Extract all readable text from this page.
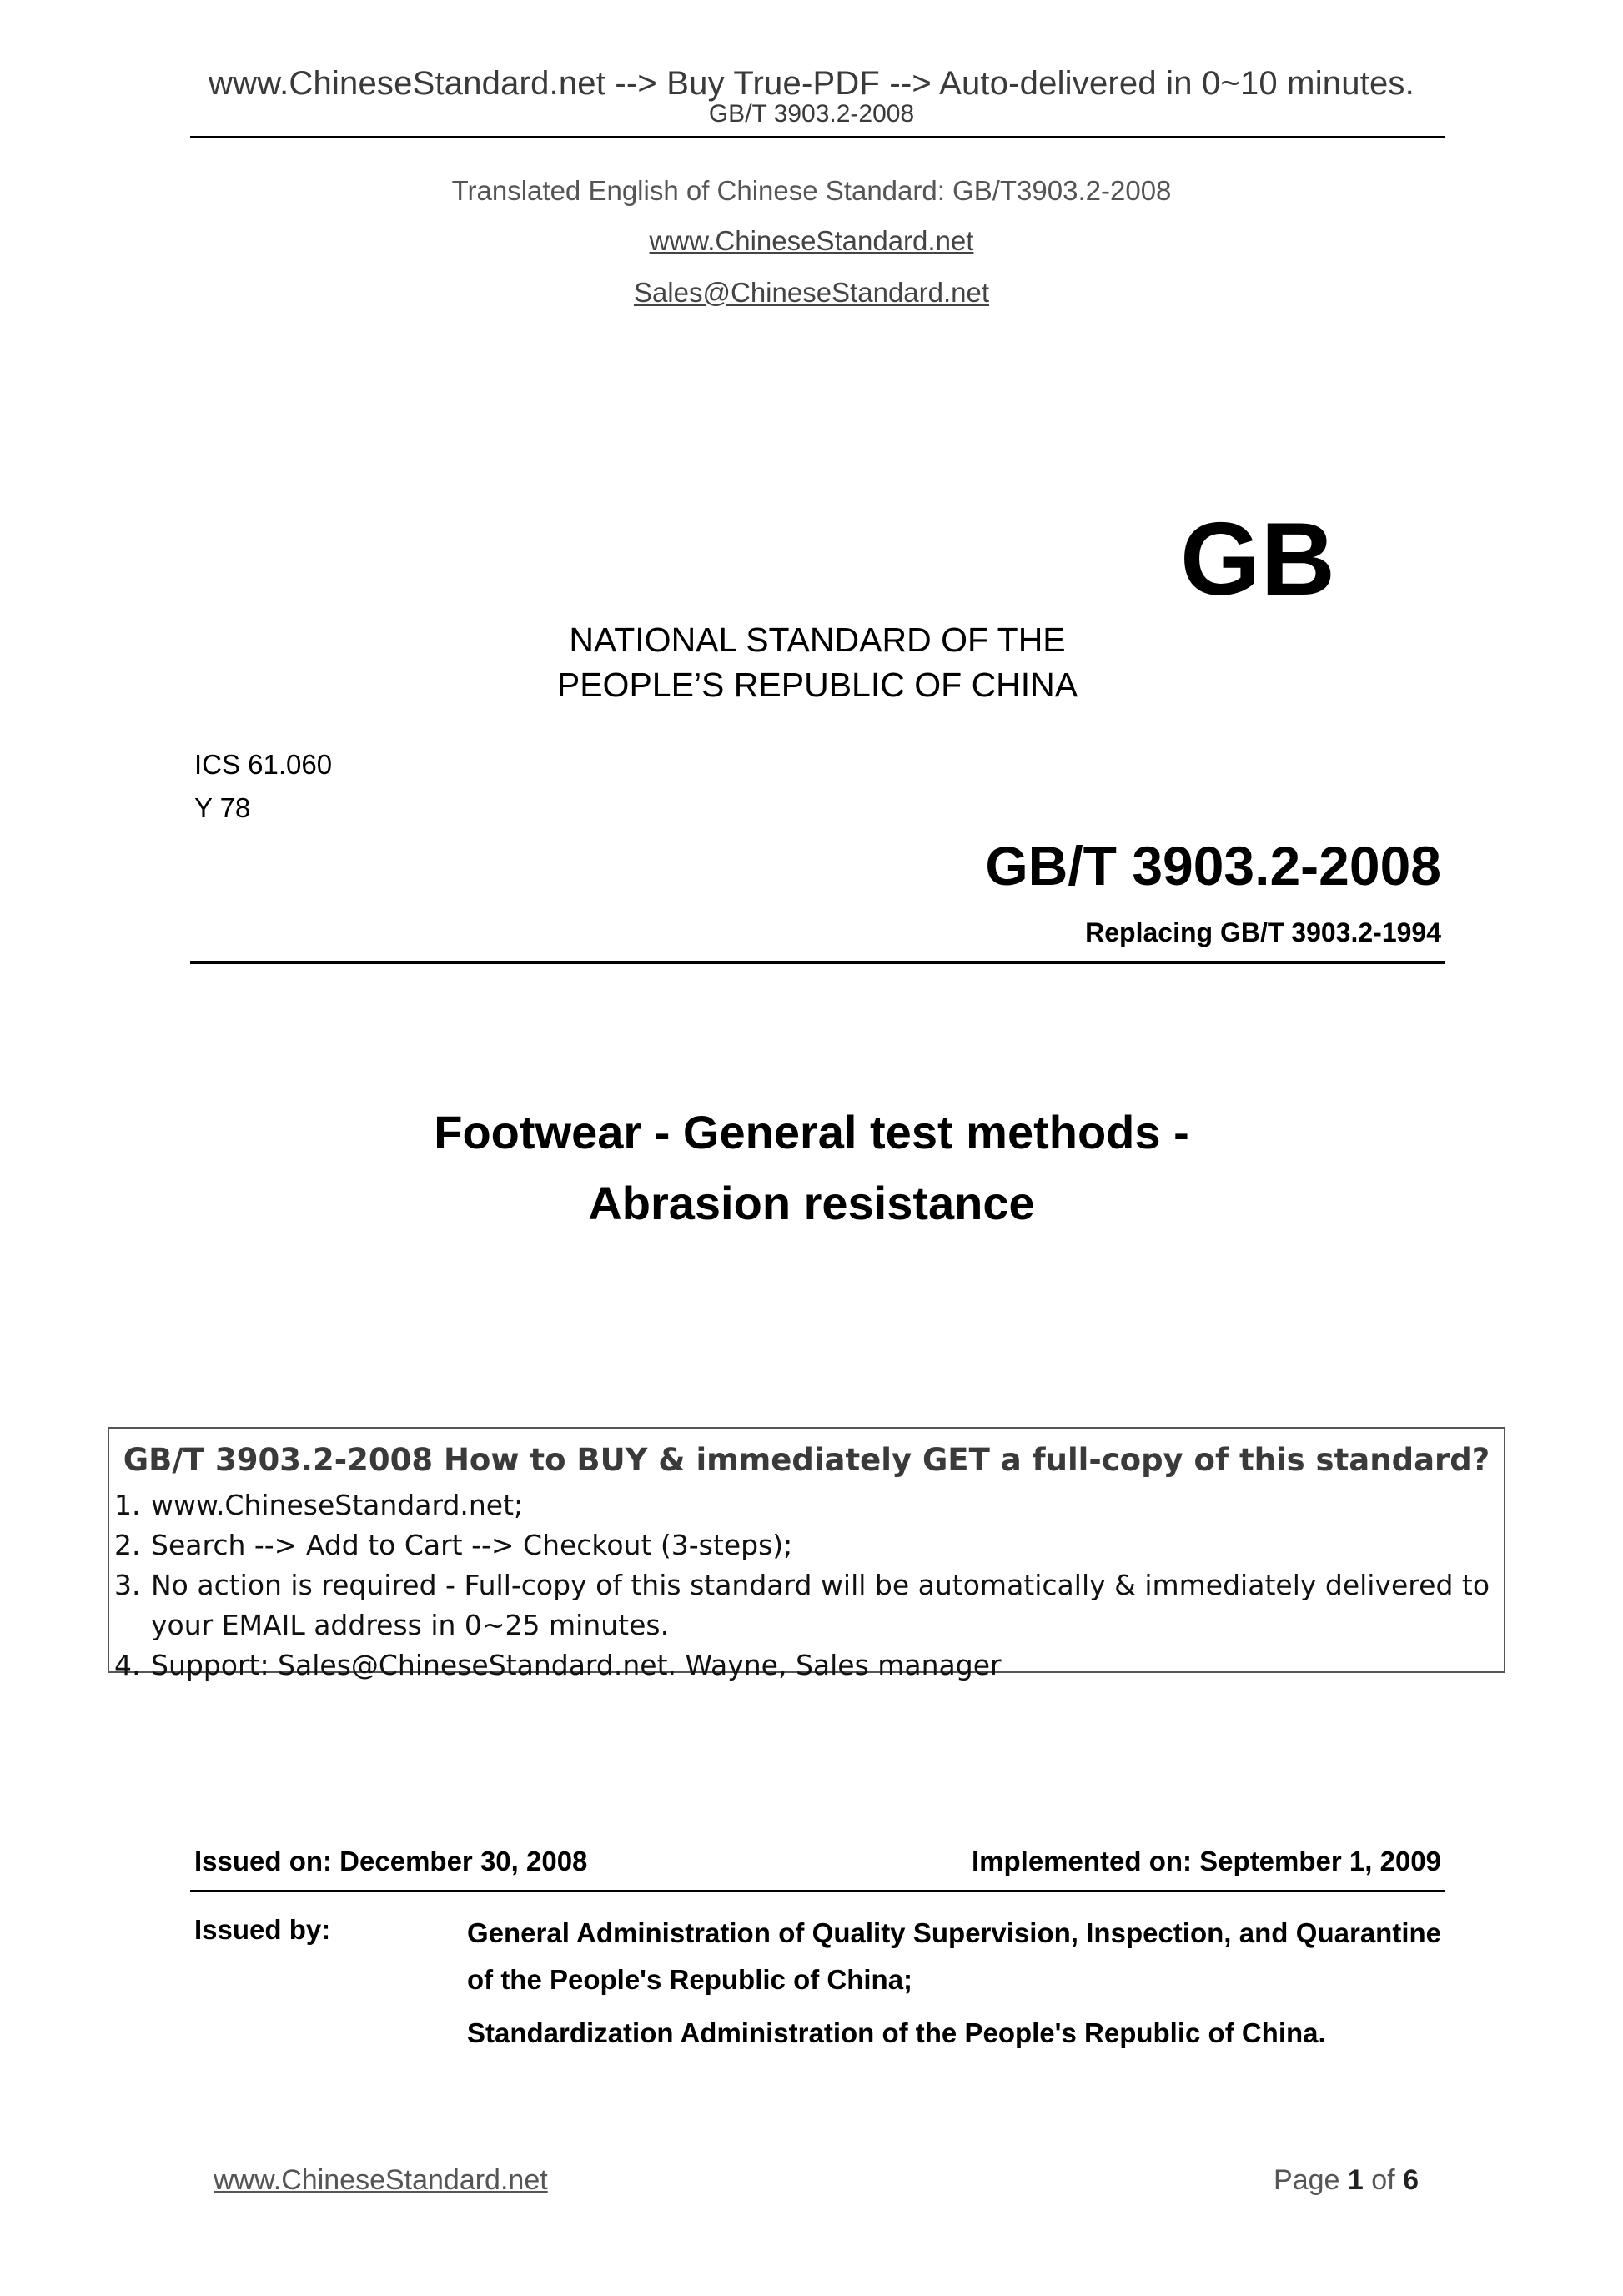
www.ChineseStandard.net --> Buy True-PDF --> Auto-delivered in 0~10 minutes.
GB/T 3903.2-2008
Translated English of Chinese Standard: GB/T3903.2-2008
www.ChineseStandard.net
Sales@ChineseStandard.net
GB
NATIONAL STANDARD OF THE
PEOPLE’S REPUBLIC OF CHINA
ICS 61.060
Y 78
GB/T 3903.2-2008
Replacing GB/T 3903.2-1994
Footwear - General test methods -
Abrasion resistance
GB/T 3903.2-2008 How to BUY & immediately GET a full-copy of this standard?
1. www.ChineseStandard.net;
2. Search --> Add to Cart --> Checkout (3-steps);
3. No action is required - Full-copy of this standard will be automatically & immediately delivered to
your EMAIL address in 0~25 minutes.
4. Support: Sales@ChineseStandard.net. Wayne, Sales manager
Issued on: December 30, 2008	Implemented on: September 1, 2009
Issued by:	General Administration of Quality Supervision, Inspection, and Quarantine of the People's Republic of China;
Standardization Administration of the People's Republic of China.
www.ChineseStandard.net	Page 1 of 6
